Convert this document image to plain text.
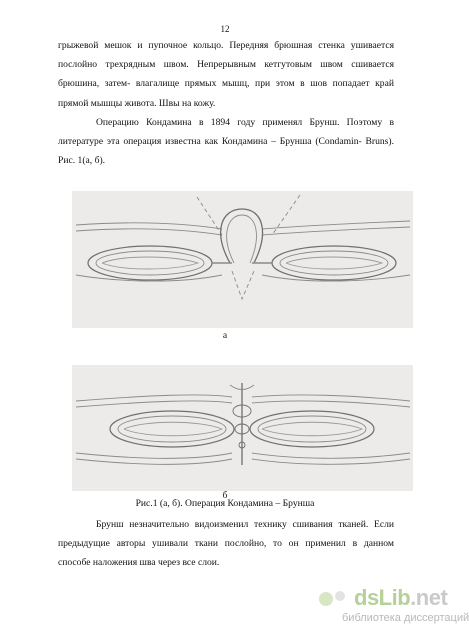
12
грыжевой мешок и пупочное кольцо. Передняя брюшная стенка ушивается
послойно трехрядным швом. Непрерывным кетгутовым швом сшивается
брюшина, затем- влагалище прямых мышц, при этом в шов попадает край
прямой мышцы живота. Швы на кожу.
Операцию Кондамина в 1894 году применял Брунш. Поэтому в
литературе эта операция известна как Кондамина – Брунша (Condamin- Bruns).
Рис. 1(а, б).
а
б
Рис.1 (а, б). Операция Кондамина – Брунша
Брунш незначительно видоизменил технику сшивания тканей. Если
предыдущие авторы ушивали ткани послойно, то он применил в данном
способе наложения шва через все слои.
dsLib.net
библиотека диссертаций
